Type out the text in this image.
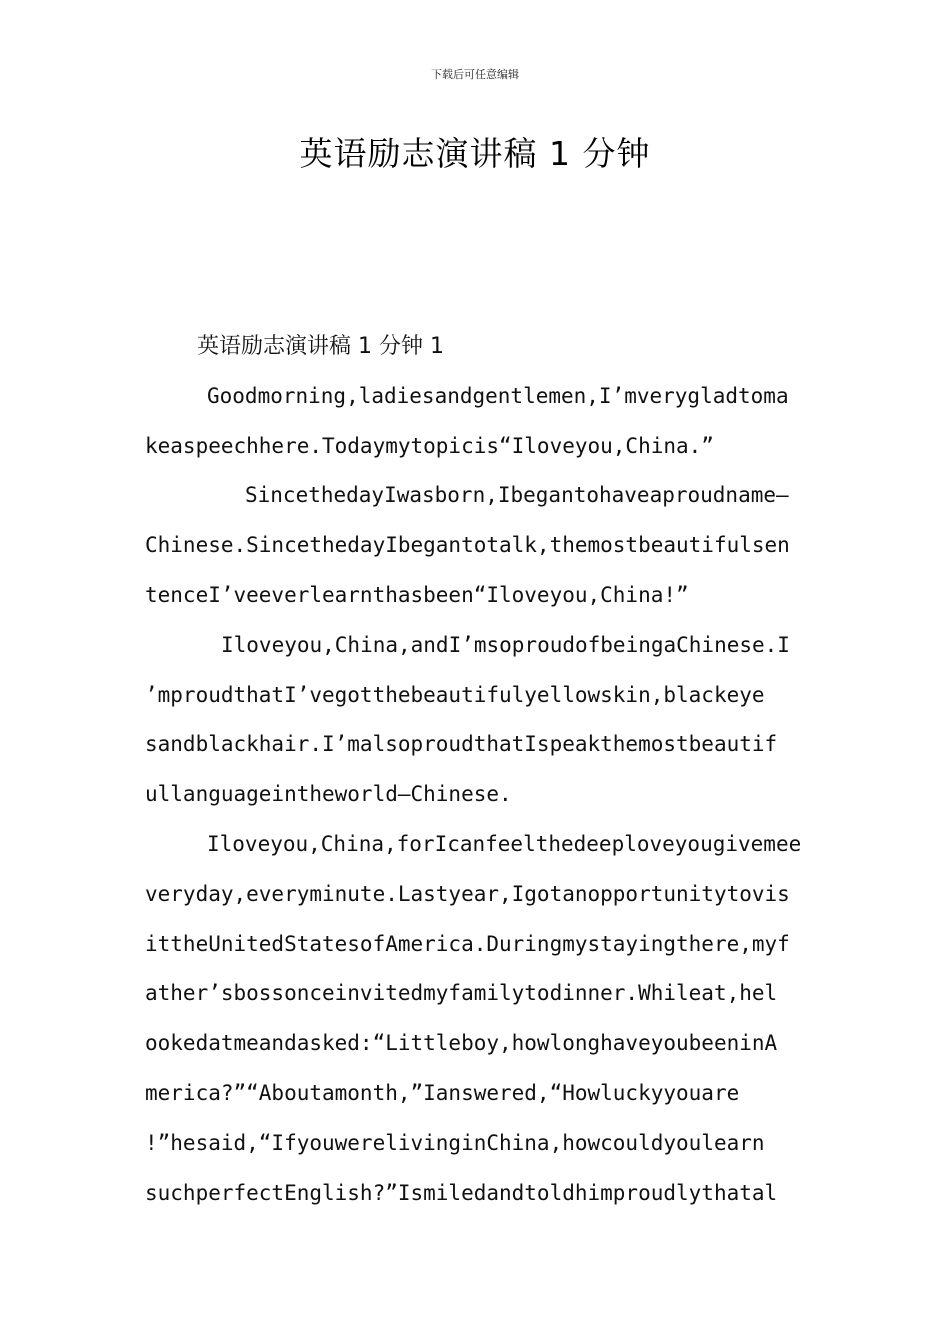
下载后可任意编辑
英语励志演讲稿 1 分钟
英语励志演讲稿 1 分钟 1
Goodmorning,ladiesandgentlemen,I’mverygladtoma
keaspeechhere.Todaymytopicis“Iloveyou,China.”
SincethedayIwasborn,Ibegantohaveaproudname—
Chinese.SincethedayIbegantotalk,themostbeautifulsen
tenceI’veeverlearnthasbeen“Iloveyou,China!”
Iloveyou,China,andI’msoproudofbeingaChinese.I
’mproudthatI’vegotthebeautifulyellowskin,blackeye
sandblackhair.I’malsoproudthatIspeakthemostbeautif
ullanguageintheworld—Chinese.
Iloveyou,China,forIcanfeelthedeeploveyougivemee
veryday,everyminute.Lastyear,Igotanopportunitytovis
ittheUnitedStatesofAmerica.Duringmystayingthere,myf
ather’sbossonceinvitedmyfamilytodinner.Whileat,hel
ookedatmeandasked:“Littleboy,howlonghaveyoubeeninA
merica?”“Aboutamonth,”Ianswered,“Howluckyyouare
!”hesaid,“IfyouwerelivinginChina,howcouldyoulearn
suchperfectEnglish?”Ismiledandtoldhimproudlythatal
